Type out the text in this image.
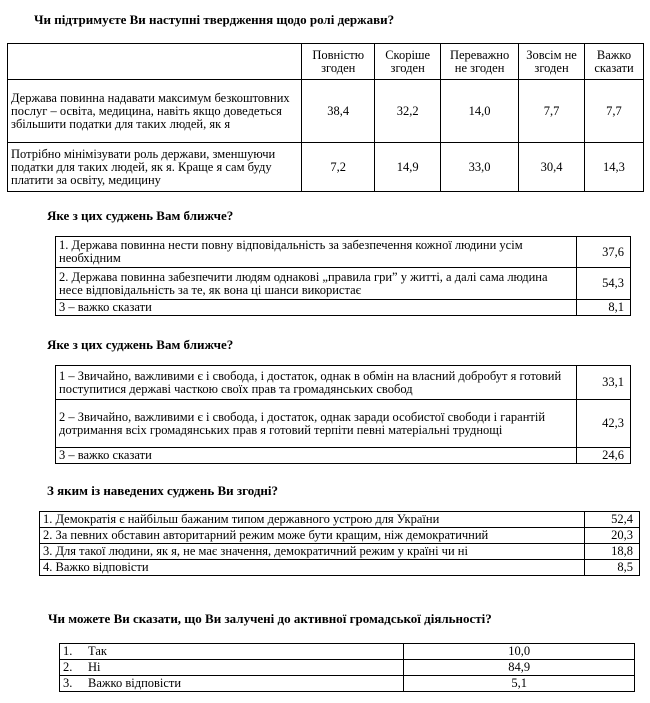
Чи підтримуєте Ви наступні твердження щодо ролі держави?
	Повністю згоден	Скоріше згоден	Переважно не згоден	Зовсім не згоден	Важко сказати
Держава повинна надавати максимум безкоштовних послуг – освіта, медицина, навіть якщо доведеться збільшити податки для таких людей, як я	38,4	32,2	14,0	7,7	7,7
Потрібно мінімізувати роль держави, зменшуючи податки для таких людей, як я. Краще я сам буду платити за освіту, медицину	7,2	14,9	33,0	30,4	14,3
Яке з цих суджень Вам ближче?
1. Держава повинна нести повну відповідальність за забезпечення кожної людини усім необхідним	37,6
2. Держава повинна забезпечити людям однакові „правила гри” у житті, а далі сама людина несе відповідальність за те, як вона ці шанси використає	54,3
3 – важко сказати	8,1
Яке з цих суджень Вам ближче?
1 – Звичайно, важливими є і свобода, і достаток, однак в обмін на власний добробут я готовий поступитися державі часткою своїх прав та громадянських свобод	33,1
2 – Звичайно, важливими є і свобода, і достаток, однак заради особистої свободи і гарантій дотримання всіх громадянських прав я готовий терпіти певні матеріальні труднощі	42,3
3 – важко сказати	24,6
З яким із наведених суджень Ви згодні?
1. Демократія є найбільш бажаним типом державного устрою для України	52,4
2. За певних обставин авторитарний режим може бути кращим, ніж демократичний	20,3
3. Для такої людини, як я, не має значення, демократичний режим у країні чи ні	18,8
4. Важко відповісти	8,5
Чи можете Ви сказати, що Ви залучені до активної громадської діяльності?
1. Так	10,0
2. Ні	84,9
3. Важко відповісти	5,1
